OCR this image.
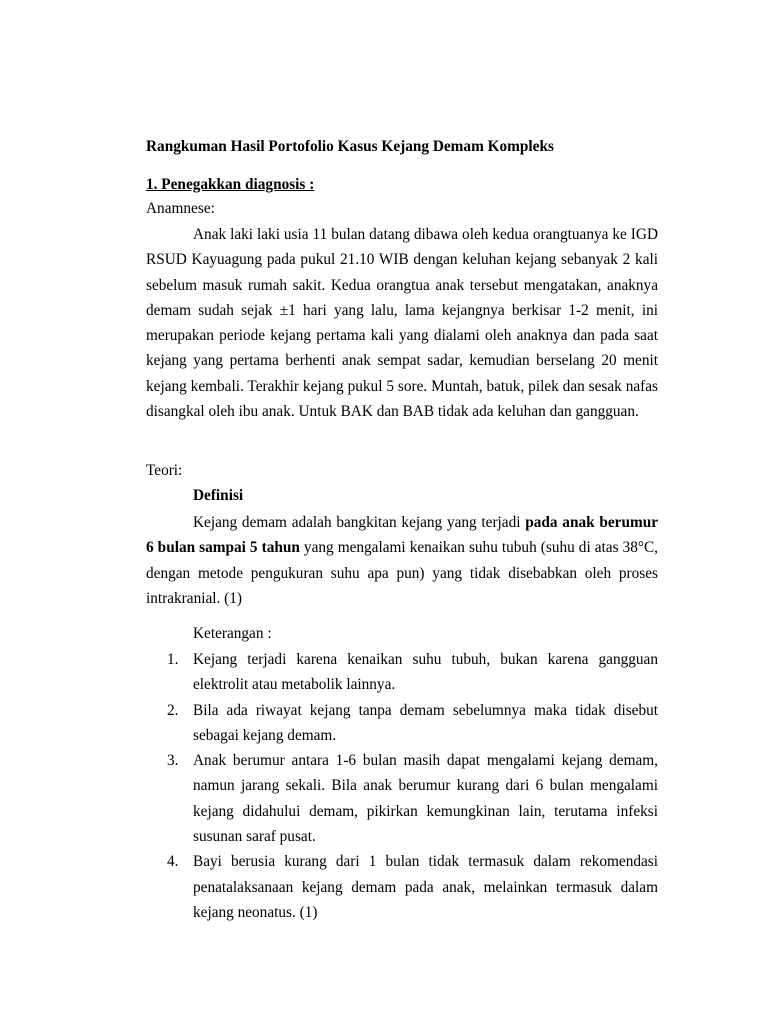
Rangkuman Hasil Portofolio Kasus Kejang Demam Kompleks
1. Penegakkan diagnosis :
Anamnese:

Anak laki laki usia 11 bulan datang dibawa oleh kedua orangtuanya ke IGD RSUD Kayuagung pada pukul 21.10 WIB dengan keluhan kejang sebanyak 2 kali sebelum masuk rumah sakit. Kedua orangtua anak tersebut mengatakan, anaknya demam sudah sejak ±1 hari yang lalu, lama kejangnya berkisar 1-2 menit, ini merupakan periode kejang pertama kali yang dialami oleh anaknya dan pada saat kejang yang pertama berhenti anak sempat sadar, kemudian berselang 20 menit kejang kembali. Terakhir kejang pukul 5 sore. Muntah, batuk, pilek dan sesak nafas disangkal oleh ibu anak. Untuk BAK dan BAB tidak ada keluhan dan gangguan.

Teori:
Definisi

Kejang demam adalah bangkitan kejang yang terjadi pada anak berumur 6 bulan sampai 5 tahun yang mengalami kenaikan suhu tubuh (suhu di atas 38°C, dengan metode pengukuran suhu apa pun) yang tidak disebabkan oleh proses intrakranial. (1)

Keterangan :
1. Kejang terjadi karena kenaikan suhu tubuh, bukan karena gangguan elektrolit atau metabolik lainnya.
2. Bila ada riwayat kejang tanpa demam sebelumnya maka tidak disebut sebagai kejang demam.
3. Anak berumur antara 1-6 bulan masih dapat mengalami kejang demam, namun jarang sekali. Bila anak berumur kurang dari 6 bulan mengalami kejang didahului demam, pikirkan kemungkinan lain, terutama infeksi susunan saraf pusat.
4. Bayi berusia kurang dari 1 bulan tidak termasuk dalam rekomendasi penatalaksanaan kejang demam pada anak, melainkan termasuk dalam kejang neonatus. (1)
